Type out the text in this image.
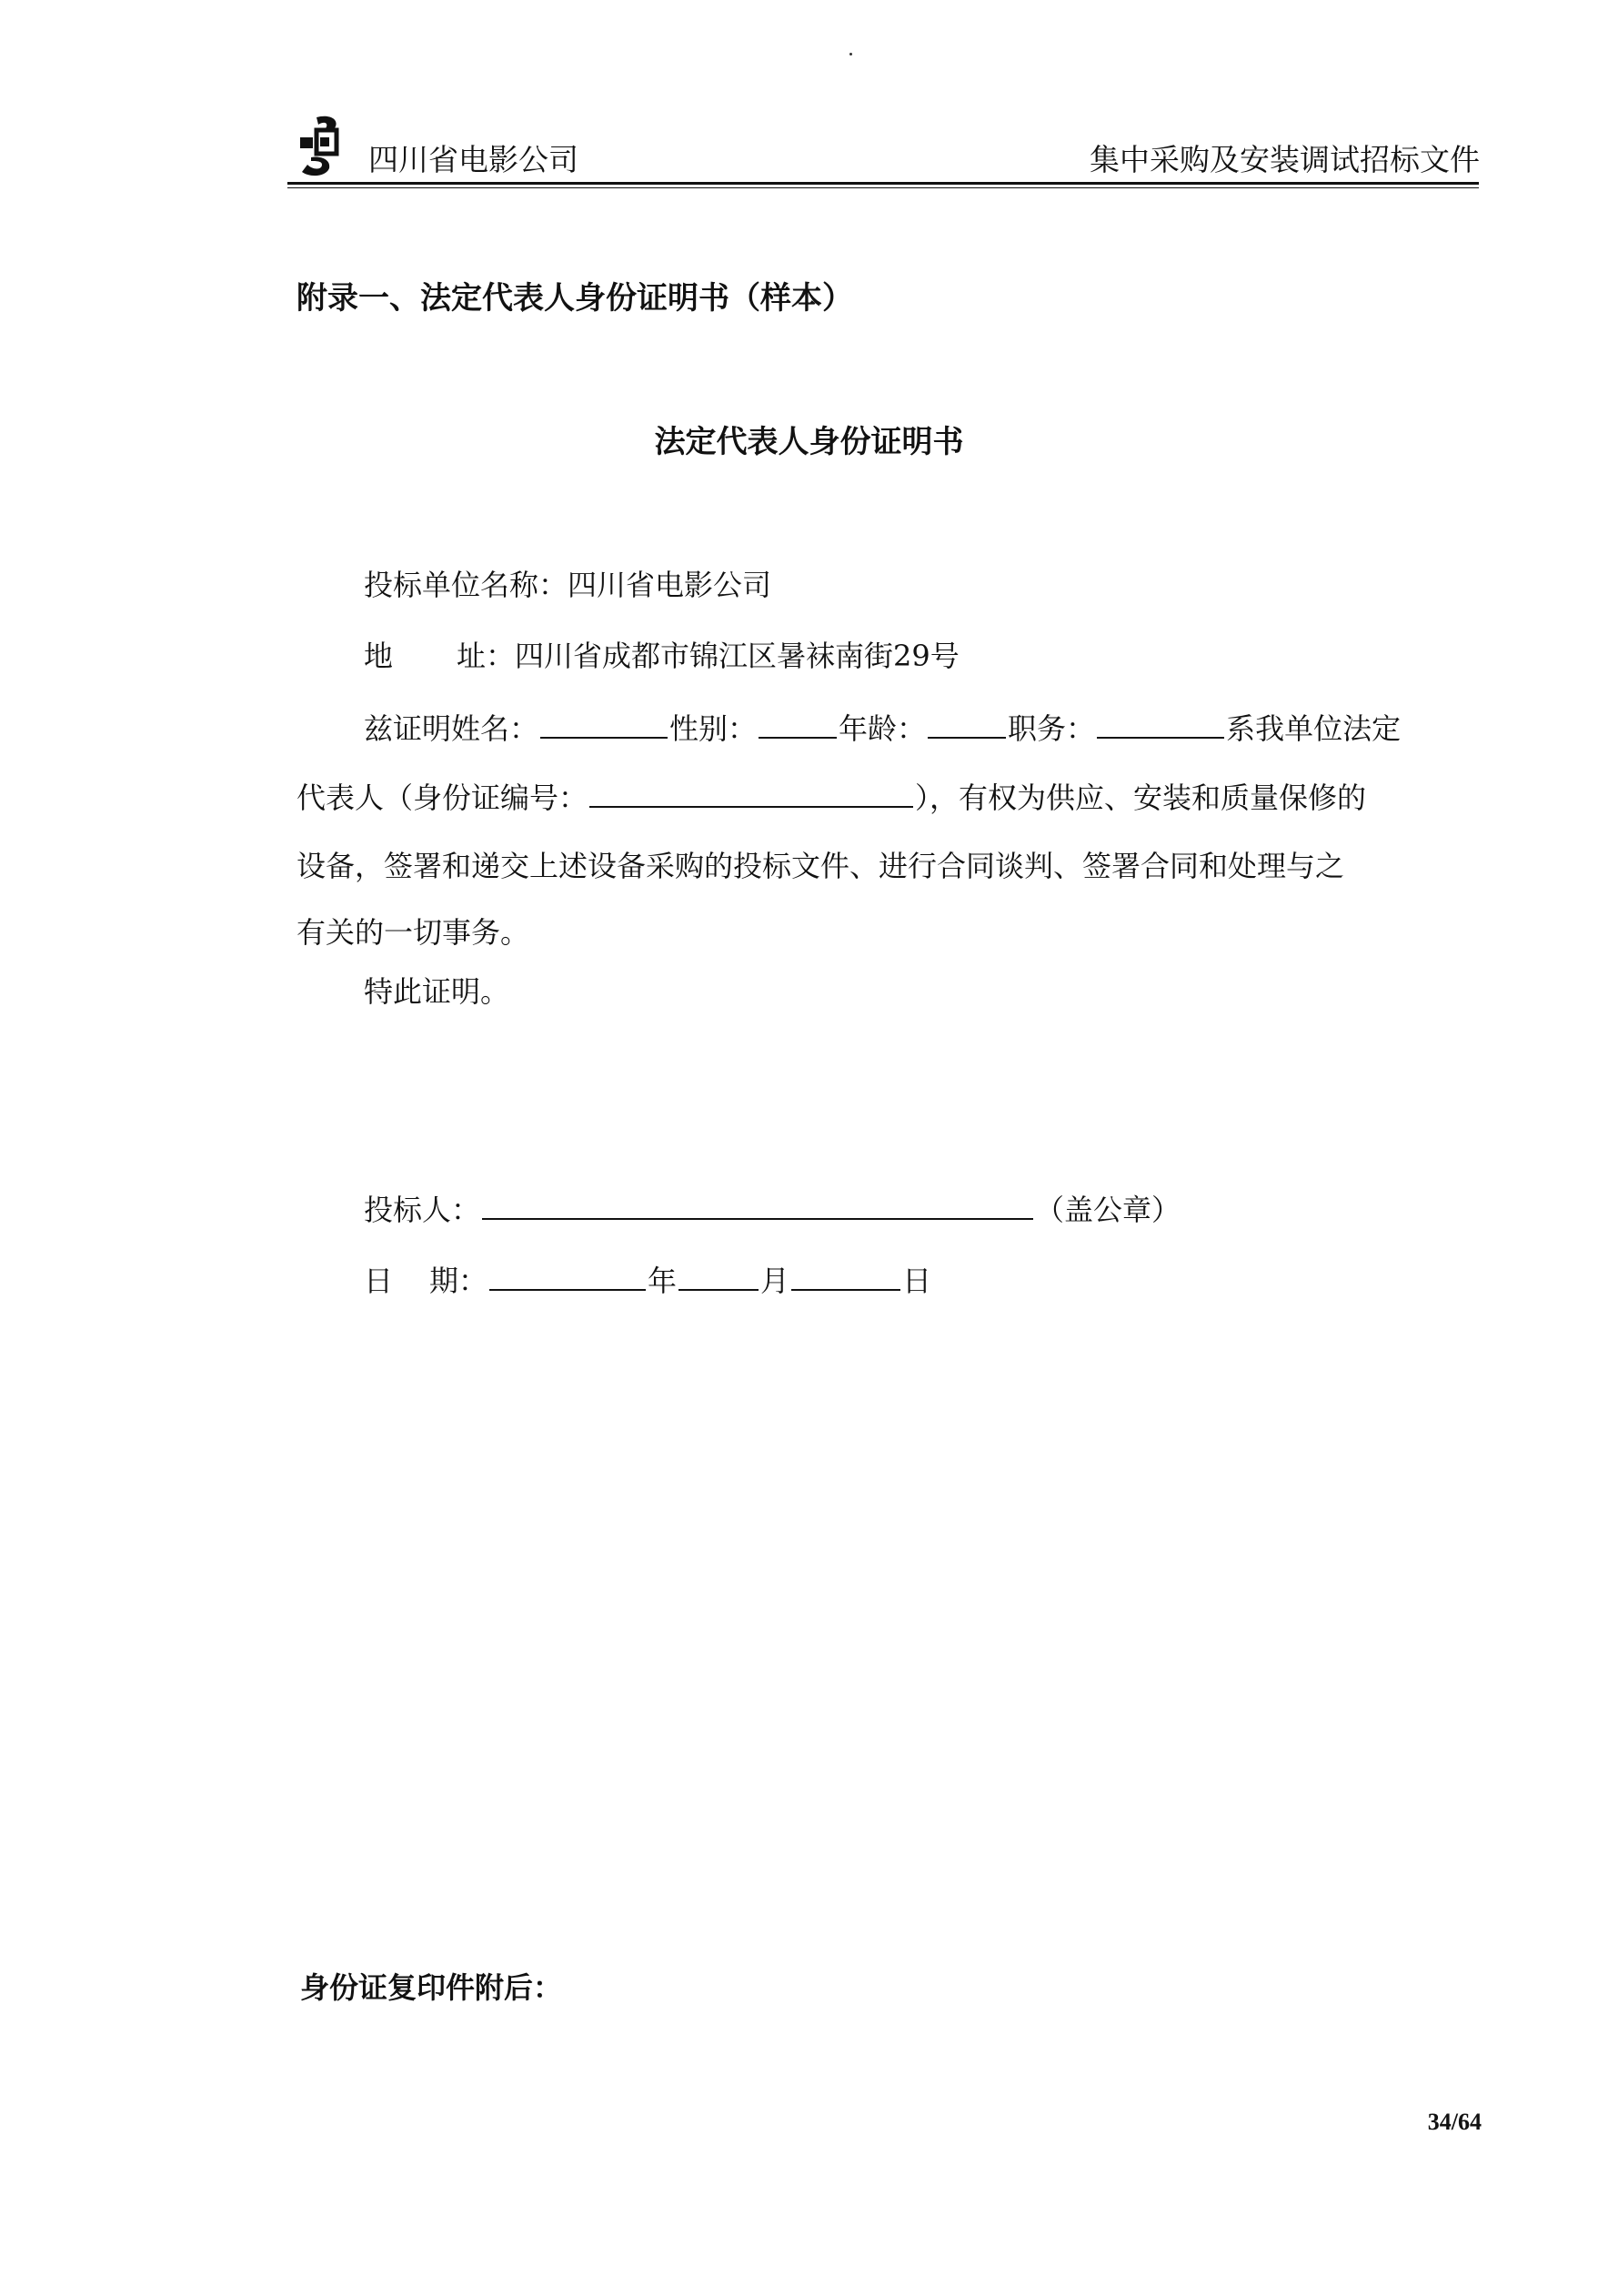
四川省电影公司	集中采购及安装调试招标文件
附录一、法定代表人身份证明书（样本）
法定代表人身份证明书
投标单位名称：四川省电影公司
地 址：四川省成都市锦江区暑袜南街29号
兹证明姓名：	性别：	年龄：	职务：	系我单位法定
代表人（身份证编号：	），有权为供应、安装和质量保修的
设备，签署和递交上述设备采购的投标文件、进行合同谈判、签署合同和处理与之
有关的一切事务。
特此证明。
投标人：	（盖公章）
日 期：	年	月	日
身份证复印件附后：
34/64
